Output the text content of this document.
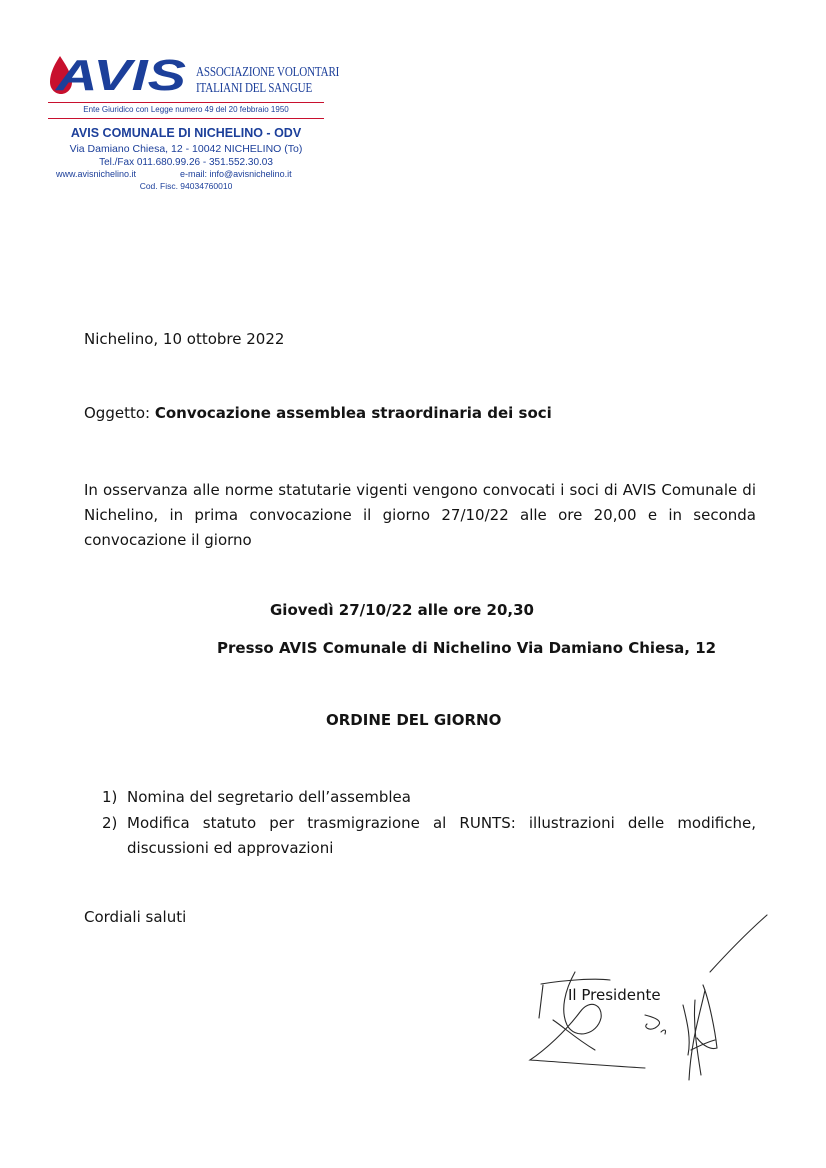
AVIS ASSOCIAZIONE VOLONTARI
ITALIANI DEL SANGUE
Ente Giuridico con Legge numero 49 del 20 febbraio 1950
AVIS COMUNALE DI NICHELINO - ODV
Via Damiano Chiesa, 12 - 10042 NICHELINO (To)
Tel./Fax 011.680.99.26 - 351.552.30.03
www.avisnichelino.it	e-mail: info@avisnichelino.it
Cod. Fisc. 94034760010
Nichelino, 10 ottobre 2022
Oggetto: Convocazione assemblea straordinaria dei soci
In osservanza alle norme statutarie vigenti vengono convocati i soci di AVIS Comunale di Nichelino, in prima convocazione il giorno 27/10/22 alle ore 20,00 e in seconda convocazione il giorno
Giovedì 27/10/22 alle ore 20,30
Presso AVIS Comunale di Nichelino Via Damiano Chiesa, 12
ORDINE DEL GIORNO
1) Nomina del segretario dell’assemblea
2) Modifica statuto per trasmigrazione al RUNTS: illustrazioni delle modifiche, discussioni ed approvazioni
Cordiali saluti
Il Presidente
